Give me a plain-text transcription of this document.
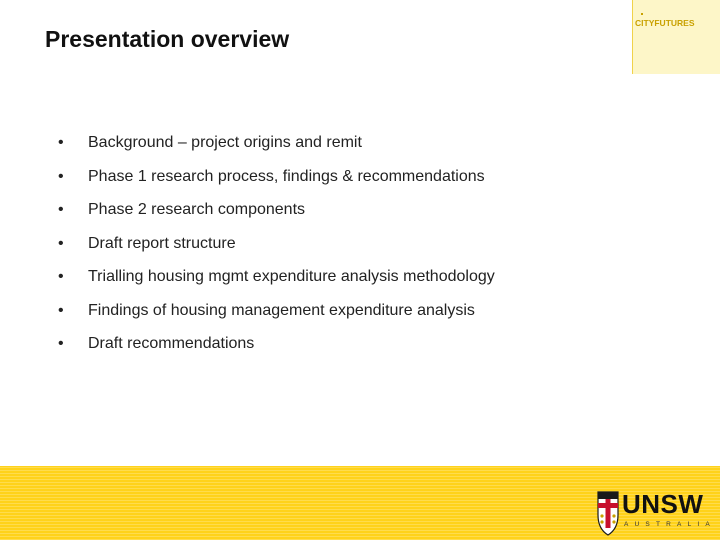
Presentation overview
CITYFUTURES
• Background – project origins and remit
• Phase 1 research process, findings & recommendations
• Phase 2 research components
• Draft report structure
• Trialling housing mgmt expenditure analysis methodology
• Findings of housing management expenditure analysis
• Draft recommendations
UNSW
AUSTRALIA
